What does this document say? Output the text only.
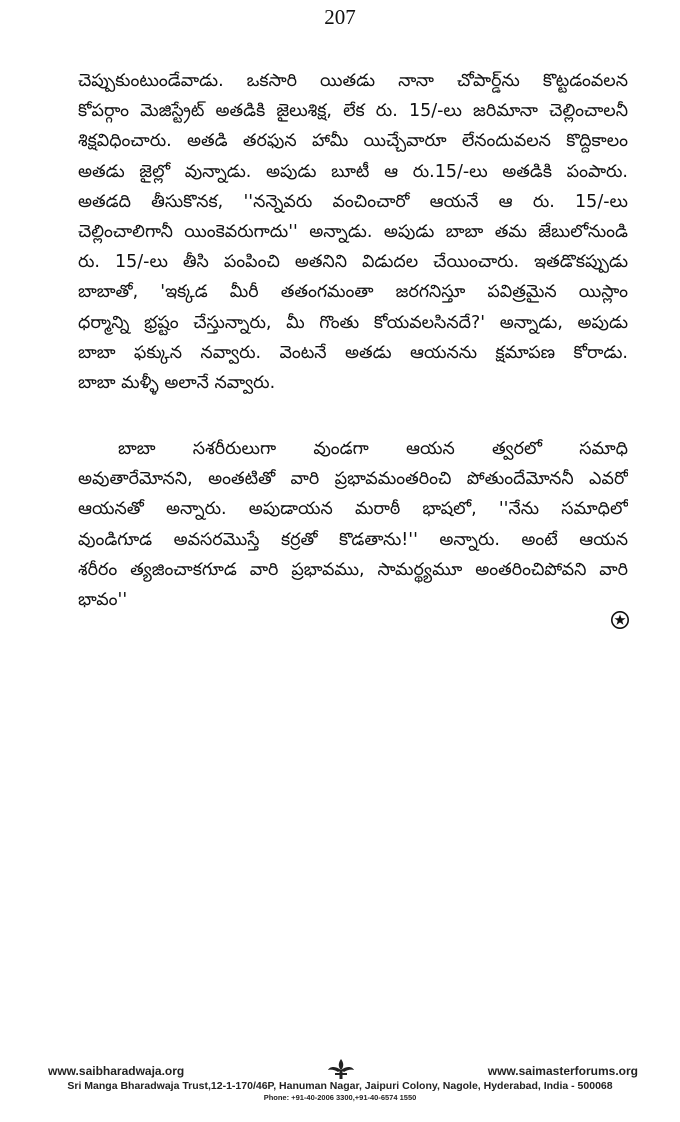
207
చెప్పుకుంటుండేవాడు. ఒకసారి యితడు నానా చోపార్డ్‌ను కొట్టడంవలన
కోపర్గాం మెజిస్ట్రేట్ అతడికి జైలుశిక్ష, లేక రు. 15/-లు జరిమానా చెల్లించాలనీ
శిక్షవిధించారు. అతడి తరఫున హామీ యిచ్చేవారూ లేనందువలన కొద్దికాలం
అతడు జైల్లో వున్నాడు. అపుడు బూటీ ఆ రు.15/-లు అతడికి పంపారు.
అతడది తీసుకొనక, ''నన్నెవరు వంచించారో ఆయనే ఆ రు. 15/-లు
చెల్లించాలిగానీ యింకెవరుగాదు'' అన్నాడు. అపుడు బాబా తమ జేబులోనుండి
రు. 15/-లు తీసి పంపించి అతనిని విడుదల చేయించారు. ఇతడొకప్పుడు
బాబాతో, 'ఇక్కడ మీరీ తతంగమంతా జరగనిస్తూ పవిత్రమైన యిస్లాం
ధర్మాన్ని భ్రష్టం చేస్తున్నారు, మీ గొంతు కోయవలసినదే?' అన్నాడు, అపుడు
బాబా ఫక్కున నవ్వారు. వెంటనే అతడు ఆయనను క్షమాపణ కోరాడు.
బాబా మళ్ళీ అలానే నవ్వారు.
బాబా సశరీరులుగా వుండగా ఆయన త్వరలో సమాధి
అవుతారేమోనని, అంతటితో వారి ప్రభావమంతరించి పోతుందేమోననీ ఎవరో
ఆయనతో అన్నారు. అపుడాయన మరాఠీ భాషలో, ''నేను సమాధిలో
వుండిగూడ అవసరమొస్తే కర్రతో కొడతాను!'' అన్నారు. అంటే ఆయన
శరీరం త్యజించాకగూడ వారి ప్రభావము, సామర్థ్యమూ అంతరించిపోవని వారి
భావం''
www.saibharadwaja.org	www.saimasterforums.org
Sri Manga Bharadwaja Trust,12-1-170/46P, Hanuman Nagar, Jaipuri Colony, Nagole, Hyderabad, India - 500068
Phone: +91-40-2006 3300,+91-40-6574 1550
